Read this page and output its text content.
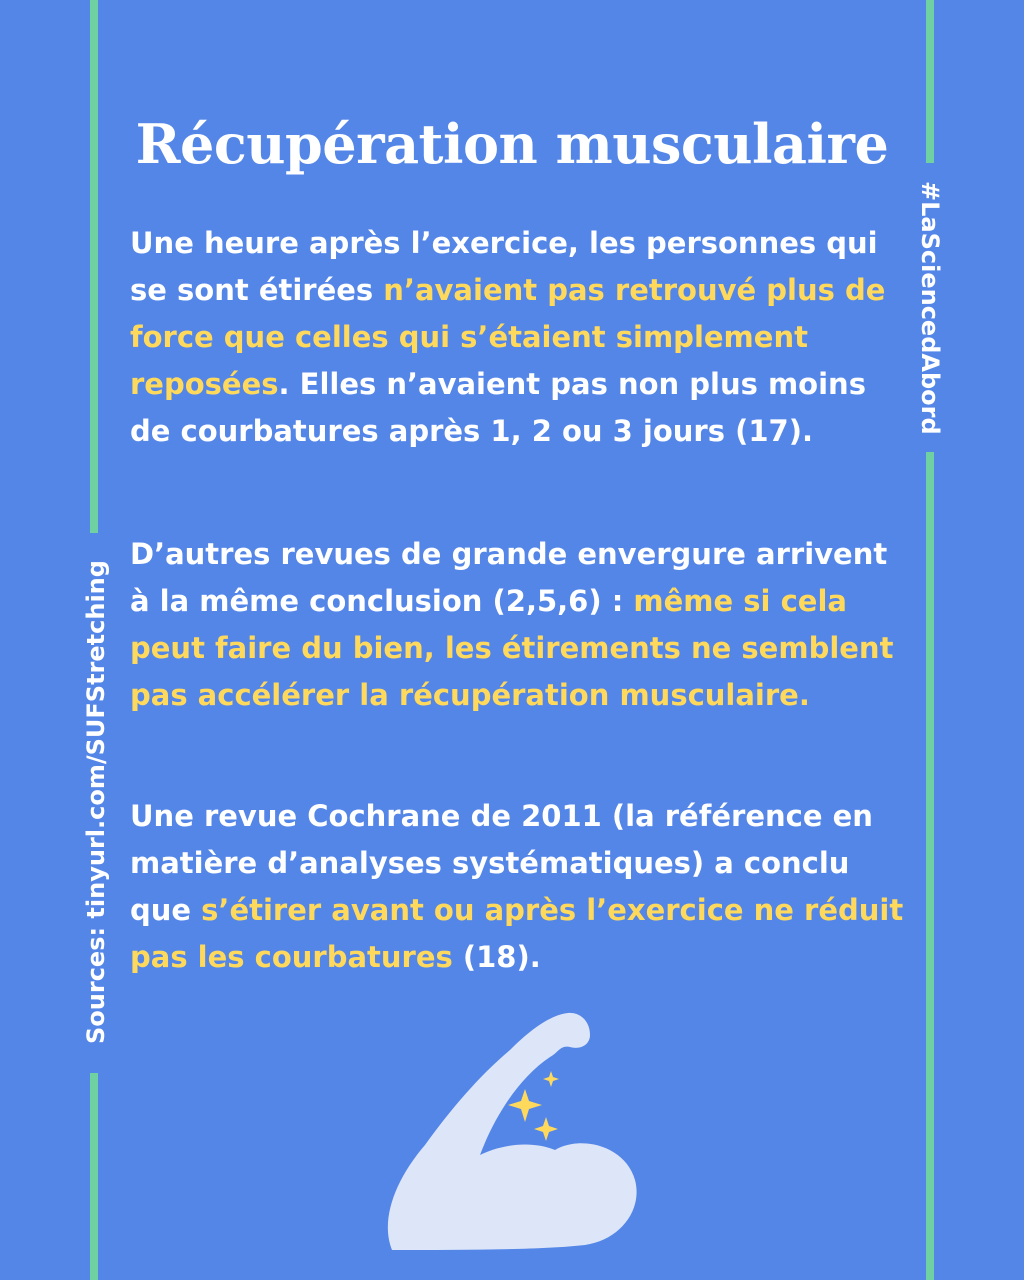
Récupération musculaire
#LaSciencedAbord
Sources: tinyurl.com/SUFStretching

Une heure après l’exercice, les personnes qui se sont étirées n’avaient pas retrouvé plus de force que celles qui s’étaient simplement reposées. Elles n’avaient pas non plus moins de courbatures après 1, 2 ou 3 jours (17).

D’autres revues de grande envergure arrivent à la même conclusion (2,5,6) : même si cela peut faire du bien, les étirements ne semblent pas accélérer la récupération musculaire.

Une revue Cochrane de 2011 (la référence en matière d’analyses systématiques) a conclu que s’étirer avant ou après l’exercice ne réduit pas les courbatures (18).
